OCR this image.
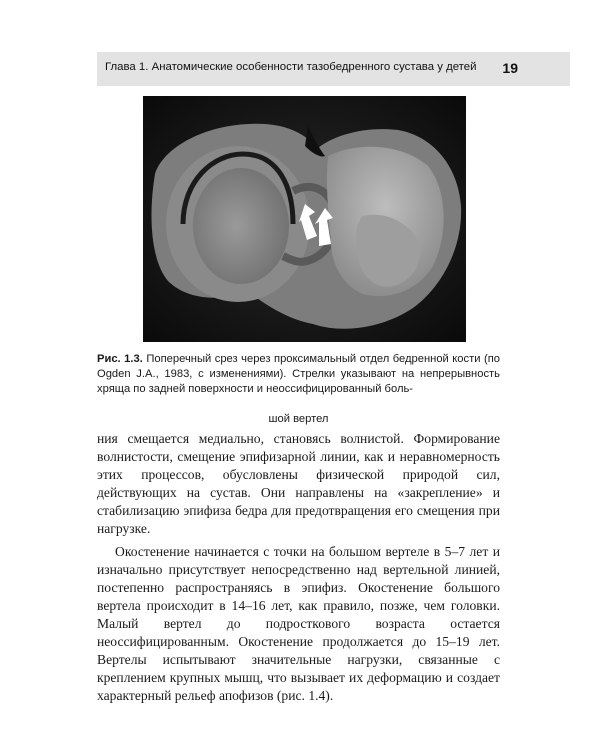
Глава 1. Анатомические особенности тазобедренного сустава у детей 19
Рис. 1.3. Поперечный срез через проксимальный отдел бедренной кости (по Ogden J.A., 1983, с изменениями). Стрелки указывают на непрерывность хряща по задней поверхности и неоссифицированный боль-
шой вертел

ния смещается медиально, становясь волнистой. Формирование волнистости, смещение эпифизарной линии, как и неравномерность этих процессов, обусловлены физической природой сил, действующих на сустав. Они направлены на «закрепление» и стабилизацию эпифиза бедра для предотвращения его смещения при нагрузке.

Окостенение начинается с точки на большом вертеле в 5–7 лет и изначально присутствует непосредственно над вертельной линией, постепенно распространяясь в эпифиз. Окостенение большого вертела происходит в 14–16 лет, как правило, позже, чем головки. Малый вертел до подросткового возраста остается неоссифицированным. Окостенение продолжается до 15–19 лет. Вертелы испытывают значительные нагрузки, связанные с креплением крупных мышц, что вызывает их деформацию и создает характерный рельеф апофизов (рис. 1.4).
